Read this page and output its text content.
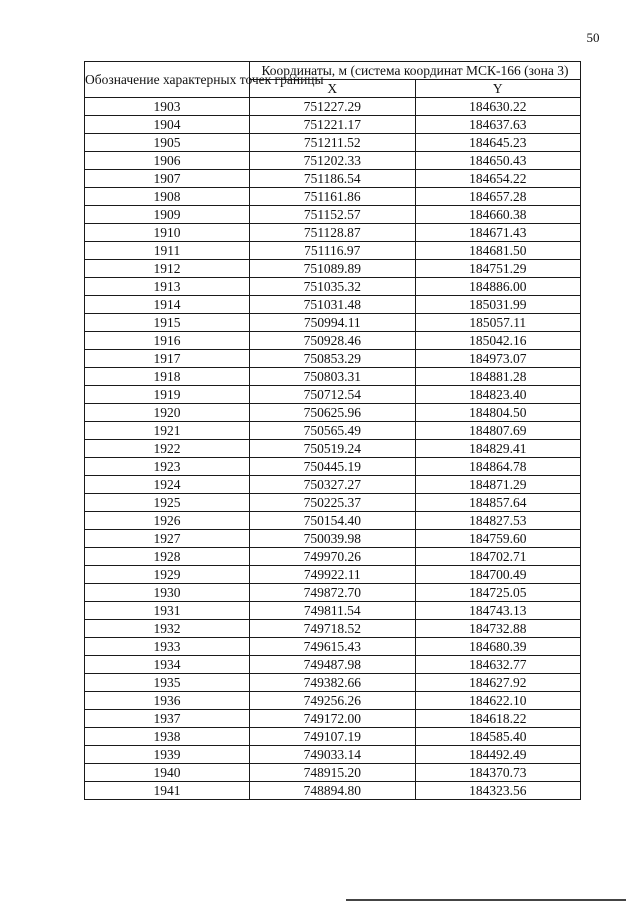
50
Обозначение характерных точек границы	Координаты, м (система координат МСК-166 (зона 3)	
	X	Y
1903	751227.29	184630.22
1904	751221.17	184637.63
1905	751211.52	184645.23
1906	751202.33	184650.43
1907	751186.54	184654.22
1908	751161.86	184657.28
1909	751152.57	184660.38
1910	751128.87	184671.43
1911	751116.97	184681.50
1912	751089.89	184751.29
1913	751035.32	184886.00
1914	751031.48	185031.99
1915	750994.11	185057.11
1916	750928.46	185042.16
1917	750853.29	184973.07
1918	750803.31	184881.28
1919	750712.54	184823.40
1920	750625.96	184804.50
1921	750565.49	184807.69
1922	750519.24	184829.41
1923	750445.19	184864.78
1924	750327.27	184871.29
1925	750225.37	184857.64
1926	750154.40	184827.53
1927	750039.98	184759.60
1928	749970.26	184702.71
1929	749922.11	184700.49
1930	749872.70	184725.05
1931	749811.54	184743.13
1932	749718.52	184732.88
1933	749615.43	184680.39
1934	749487.98	184632.77
1935	749382.66	184627.92
1936	749256.26	184622.10
1937	749172.00	184618.22
1938	749107.19	184585.40
1939	749033.14	184492.49
1940	748915.20	184370.73
1941	748894.80	184323.56
